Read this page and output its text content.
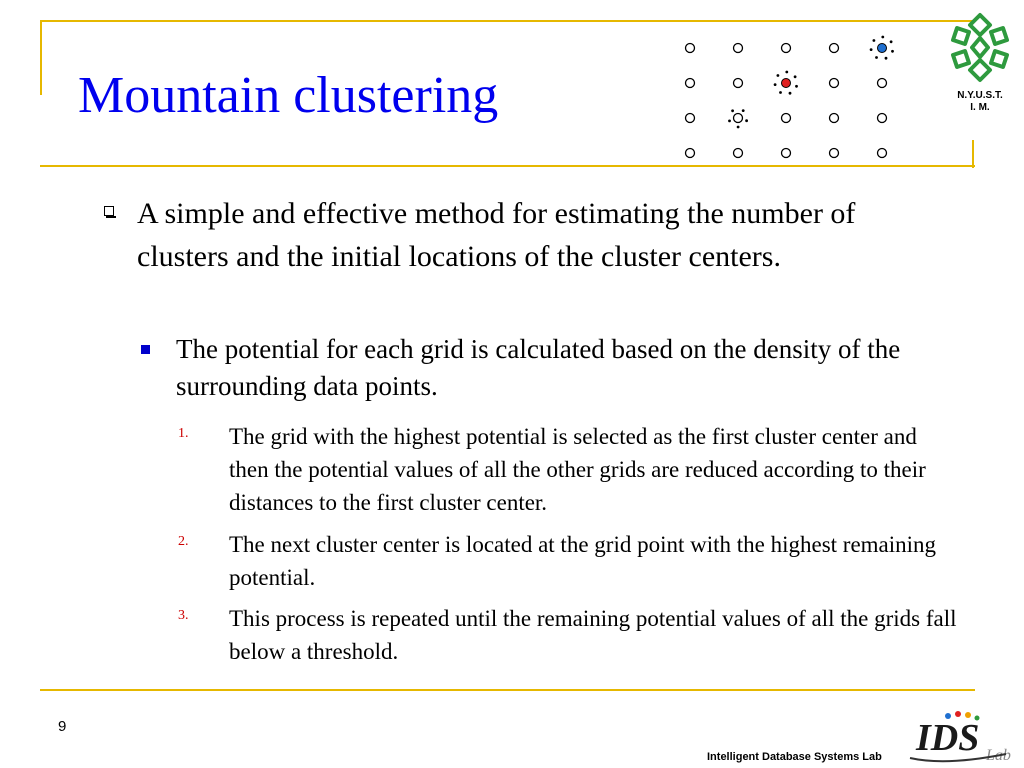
Mountain clustering	N.Y.U.S.T.
I. M.
A simple and effective method for estimating the number of clusters and the initial locations of the cluster centers.
The potential for each grid is calculated based on the density of the surrounding data points.
1. The grid with the highest potential is selected as the first cluster center and then the potential values of all the other grids are reduced according to their distances to the first cluster center.
2. The next cluster center is located at the grid point with the highest remaining potential.
3. This process is repeated until the remaining potential values of all the grids fall below a threshold.
9
Intelligent Database Systems Lab IDS Lab
